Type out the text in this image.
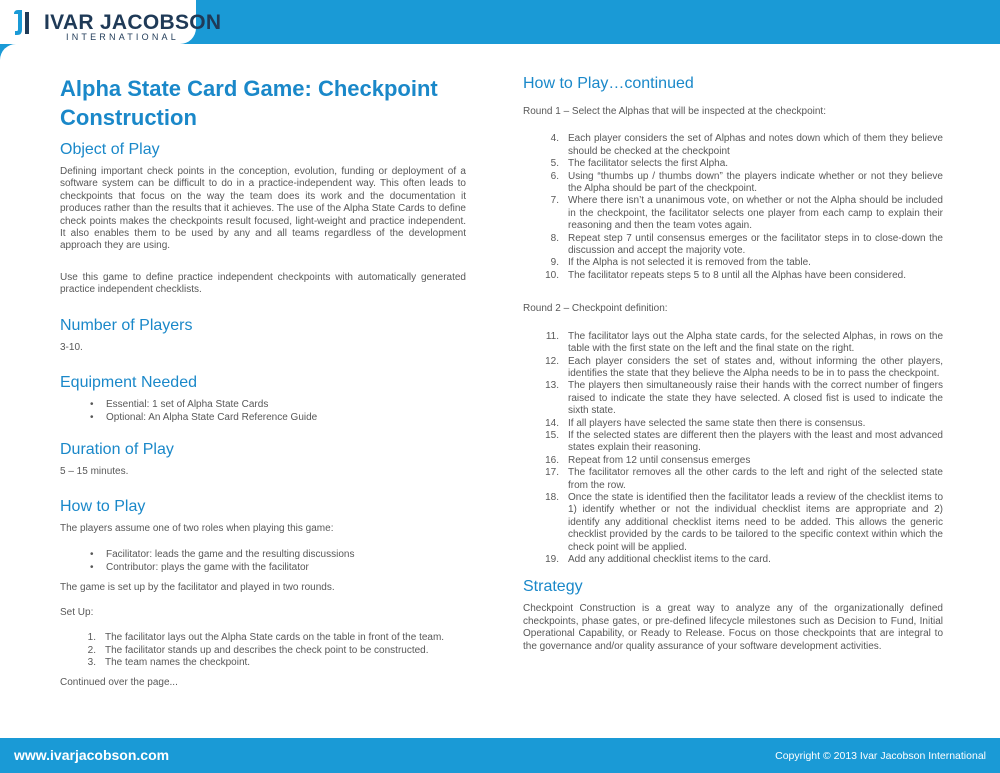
IVAR JACOBSON
INTERNATIONAL
Alpha State Card Game: Checkpoint Construction
Object of Play

Defining important check points in the conception, evolution, funding or deployment of a software system can be difficult to do in a practice-independent way. This often leads to checkpoints that focus on the way the team does its work and the documentation it produces rather than the results that it achieves. The use of the Alpha State Cards to define check points makes the checkpoints result focused, light-weight and practice independent. It also enables them to be used by any and all teams regardless of the development approach they are using.

Use this game to define practice independent checkpoints with automatically generated practice independent checklists.

Number of Players

3-10.

Equipment Needed
• Essential: 1 set of Alpha State Cards
• Optional: An Alpha State Card Reference Guide
Duration of Play

5 – 15 minutes.

How to Play

The players assume one of two roles when playing this game:

• Facilitator: leads the game and the resulting discussions
• Contributor: plays the game with the facilitator

The game is set up by the facilitator and played in two rounds.

Set Up:

1. The facilitator lays out the Alpha State cards on the table in front of the team.
2. The facilitator stands up and describes the check point to be constructed.
3. The team names the checkpoint.

Continued over the page...

How to Play…continued

Round 1 – Select the Alphas that will be inspected at the checkpoint:

4. Each player considers the set of Alphas and notes down which of them they believe should be checked at the checkpoint
5. The facilitator selects the first Alpha.
6. Using “thumbs up / thumbs down” the players indicate whether or not they believe the Alpha should be part of the checkpoint.
7. Where there isn’t a unanimous vote, on whether or not the Alpha should be included in the checkpoint, the facilitator selects one player from each camp to explain their reasoning and then the team votes again.
8. Repeat step 7 until consensus emerges or the facilitator steps in to close-down the discussion and accept the majority vote.
9. If the Alpha is not selected it is removed from the table.
10. The facilitator repeats steps 5 to 8 until all the Alphas have been considered.

Round 2 – Checkpoint definition:

11. The facilitator lays out the Alpha state cards, for the selected Alphas, in rows on the table with the first state on the left and the final state on the right.
12. Each player considers the set of states and, without informing the other players, identifies the state that they believe the Alpha needs to be in to pass the checkpoint.
13. The players then simultaneously raise their hands with the correct number of fingers raised to indicate the state they have selected. A closed fist is used to indicate the sixth state.
14. If all players have selected the same state then there is consensus.
15. If the selected states are different then the players with the least and most advanced states explain their reasoning.
16. Repeat from 12 until consensus emerges
17. The facilitator removes all the other cards to the left and right of the selected state from the row.
18. Once the state is identified then the facilitator leads a review of the checklist items to 1) identify whether or not the individual checklist items are appropriate and 2) identify any additional checklist items need to be added. This allows the generic checklist provided by the cards to be tailored to the specific context within which the check point will be applied.
19. Add any additional checklist items to the card.
Strategy

Checkpoint Construction is a great way to analyze any of the organizationally defined checkpoints, phase gates, or pre-defined lifecycle milestones such as Decision to Fund, Initial Operational Capability, or Ready to Release. Focus on those checkpoints that are integral to the governance and/or quality assurance of your software development activities.

www.ivarjacobson.com	Copyright © 2013 Ivar Jacobson International
